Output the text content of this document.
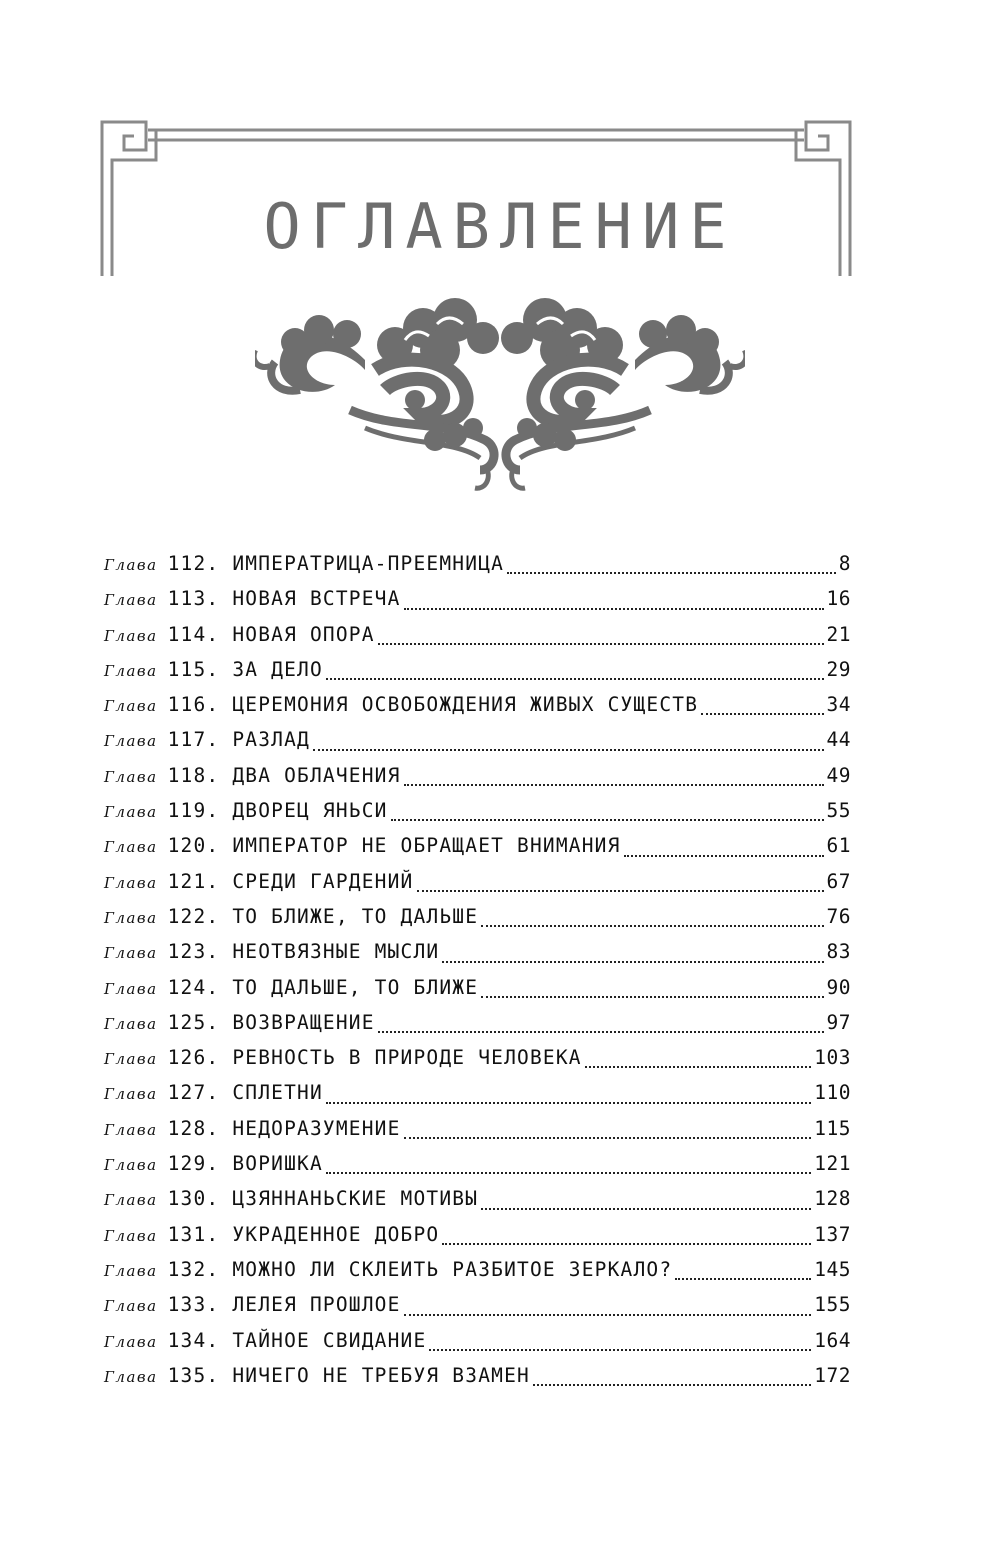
ОГЛАВЛЕНИЕ
Глава 112. ИМПЕРАТРИЦА-ПРЕЕМНИЦА	8
Глава 113. НОВАЯ ВСТРЕЧА	16
Глава 114. НОВАЯ ОПОРА	21
Глава 115. ЗА ДЕЛО	29
Глава 116. ЦЕРЕМОНИЯ ОСВОБОЖДЕНИЯ ЖИВЫХ СУЩЕСТВ	34
Глава 117. РАЗЛАД	44
Глава 118. ДВА ОБЛАЧЕНИЯ	49
Глава 119. ДВОРЕЦ ЯНЬСИ	55
Глава 120. ИМПЕРАТОР НЕ ОБРАЩАЕТ ВНИМАНИЯ	61
Глава 121. СРЕДИ ГАРДЕНИЙ	67
Глава 122. ТО БЛИЖЕ, ТО ДАЛЬШЕ	76
Глава 123. НЕОТВЯЗНЫЕ МЫСЛИ	83
Глава 124. ТО ДАЛЬШЕ, ТО БЛИЖЕ	90
Глава 125. ВОЗВРАЩЕНИЕ	97
Глава 126. РЕВНОСТЬ В ПРИРОДЕ ЧЕЛОВЕКА	103
Глава 127. СПЛЕТНИ	110
Глава 128. НЕДОРАЗУМЕНИЕ	115
Глава 129. ВОРИШКА	121
Глава 130. ЦЗЯННАНЬСКИЕ МОТИВЫ	128
Глава 131. УКРАДЕННОЕ ДОБРО	137
Глава 132. МОЖНО ЛИ СКЛЕИТЬ РАЗБИТОЕ ЗЕРКАЛО?	145
Глава 133. ЛЕЛЕЯ ПРОШЛОЕ	155
Глава 134. ТАЙНОЕ СВИДАНИЕ	164
Глава 135. НИЧЕГО НЕ ТРЕБУЯ ВЗАМЕН	172
